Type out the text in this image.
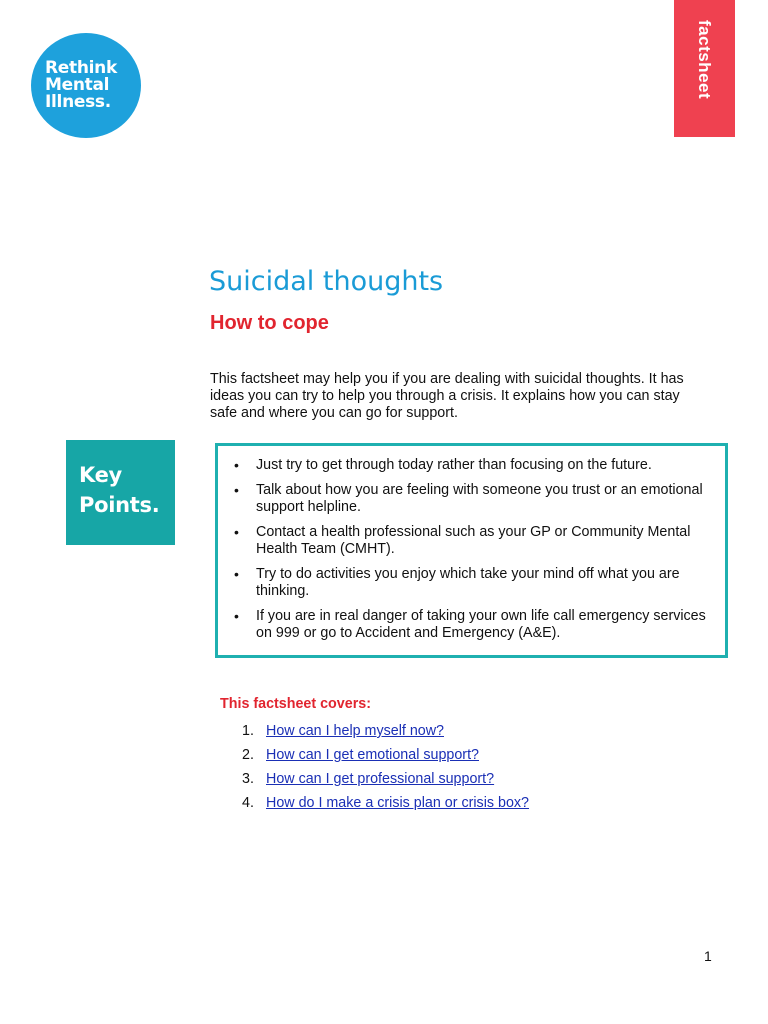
Rethink
Mental
Illness.
factsheet
Suicidal thoughts
How to cope

This factsheet may help you if you are dealing with suicidal thoughts. It has ideas you can try to help you through a crisis. It explains how you can stay safe and where you can go for support.

Key
Points.
• Just try to get through today rather than focusing on the future.
• Talk about how you are feeling with someone you trust or an emotional support helpline.
• Contact a health professional such as your GP or Community Mental Health Team (CMHT).
• Try to do activities you enjoy which take your mind off what you are thinking.
• If you are in real danger of taking your own life call emergency services on 999 or go to Accident and Emergency (A&E).

This factsheet covers:

1. How can I help myself now?
2. How can I get emotional support?
3. How can I get professional support?
4. How do I make a crisis plan or crisis box?
1
